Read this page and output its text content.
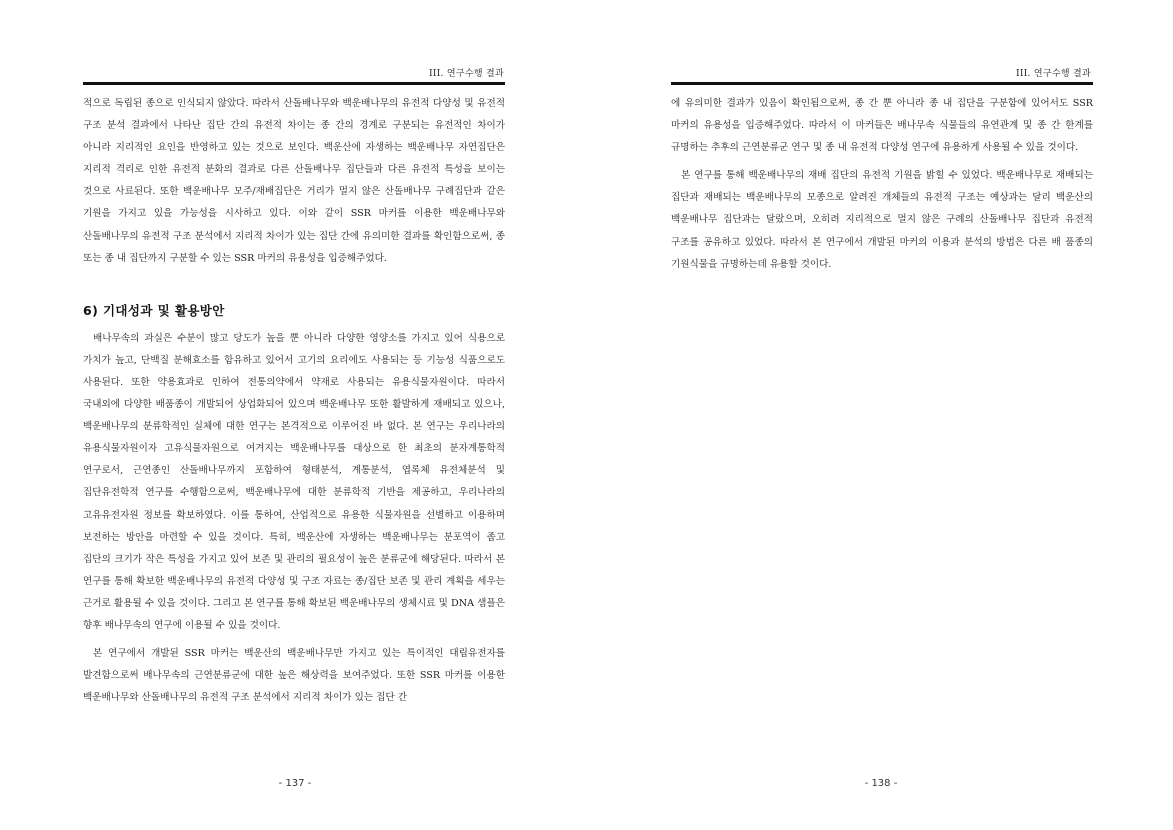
III. 연구수행 결과

적으로 독립된 종으로 인식되지 않았다. 따라서 산돌배나무와 백운배나무의 유전적 다양성 및 유전적 구조 분석 결과에서 나타난 집단 간의 유전적 차이는 종 간의 경계로 구분되는 유전적인 차이가 아니라 지리적인 요인을 반영하고 있는 것으로 보인다. 백운산에 자생하는 백운배나무 자연집단은 지리적 격리로 인한 유전적 분화의 결과로 다른 산돌배나무 집단들과 다른 유전적 특성을 보이는 것으로 사료된다. 또한 백운배나무 모주/재배집단은 거리가 멀지 않은 산돌배나무 구례집단과 같은 기원을 가지고 있을 가능성을 시사하고 있다. 이와 같이 SSR 마커를 이용한 백운배나무와 산돌배나무의 유전적 구조 분석에서 지리적 차이가 있는 집단 간에 유의미한 결과를 확인함으로써, 종 또는 종 내 집단까지 구분할 수 있는 SSR 마커의 유용성을 입증해주었다.

6) 기대성과 및 활용방안

배나무속의 과실은 수분이 많고 당도가 높을 뿐 아니라 다양한 영양소를 가지고 있어 식용으로 가치가 높고, 단백질 분해효소를 함유하고 있어서 고기의 요리에도 사용되는 등 기능성 식품으로도 사용된다. 또한 약용효과로 인하여 전통의약에서 약재로 사용되는 유용식물자원이다. 따라서 국내외에 다양한 배품종이 개발되어 상업화되어 있으며 백운배나무 또한 활발하게 재배되고 있으나, 백운배나무의 분류학적인 실체에 대한 연구는 본격적으로 이루어진 바 없다. 본 연구는 우리나라의 유용식물자원이자 고유식물자원으로 여겨지는 백운배나무를 대상으로 한 최초의 분자계통학적 연구로서, 근연종인 산돌배나무까지 포함하여 형태분석, 계통분석, 엽록체 유전체분석 및 집단유전학적 연구를 수행함으로써, 백운배나무에 대한 분류학적 기반을 제공하고, 우리나라의 고유유전자원 정보를 확보하였다. 이를 통하여, 산업적으로 유용한 식물자원을 선별하고 이용하며 보전하는 방안을 마련할 수 있을 것이다. 특히, 백운산에 자생하는 백운배나무는 분포역이 좁고 집단의 크기가 작은 특성을 가지고 있어 보존 및 관리의 필요성이 높은 분류군에 해당된다. 따라서 본 연구를 통해 확보한 백운배나무의 유전적 다양성 및 구조 자료는 종/집단 보존 및 관리 계획을 세우는 근거로 활용될 수 있을 것이다. 그리고 본 연구를 통해 확보된 백운배나무의 생체시료 및 DNA 샘플은 향후 배나무속의 연구에 이용될 수 있을 것이다.

본 연구에서 개발된 SSR 마커는 백운산의 백운배나무만 가지고 있는 특이적인 대립유전자를 발견함으로써 배나무속의 근연분류군에 대한 높은 해상력을 보여주었다. 또한 SSR 마커를 이용한 백운배나무와 산돌배나무의 유전적 구조 분석에서 지리적 차이가 있는 집단 간

- 137 -
III. 연구수행 결과

에 유의미한 결과가 있음이 확인됨으로써, 종 간 뿐 아니라 종 내 집단을 구분함에 있어서도 SSR 마커의 유용성을 입증해주었다. 따라서 이 마커들은 배나무속 식물들의 유연관계 및 종 간 한계를 규명하는 추후의 근연분류군 연구 및 종 내 유전적 다양성 연구에 유용하게 사용될 수 있을 것이다.

본 연구를 통해 백운배나무의 재배 집단의 유전적 기원을 밝힐 수 있었다. 백운배나무로 재배되는 집단과 재배되는 백운배나무의 모종으로 알려진 개체들의 유전적 구조는 예상과는 달리 백운산의 백운배나무 집단과는 달랐으며, 오히려 지리적으로 멀지 않은 구례의 산돌배나무 집단과 유전적 구조를 공유하고 있었다. 따라서 본 연구에서 개발된 마커의 이용과 분석의 방법은 다른 배 품종의 기원식물을 규명하는데 유용할 것이다.

- 138 -
